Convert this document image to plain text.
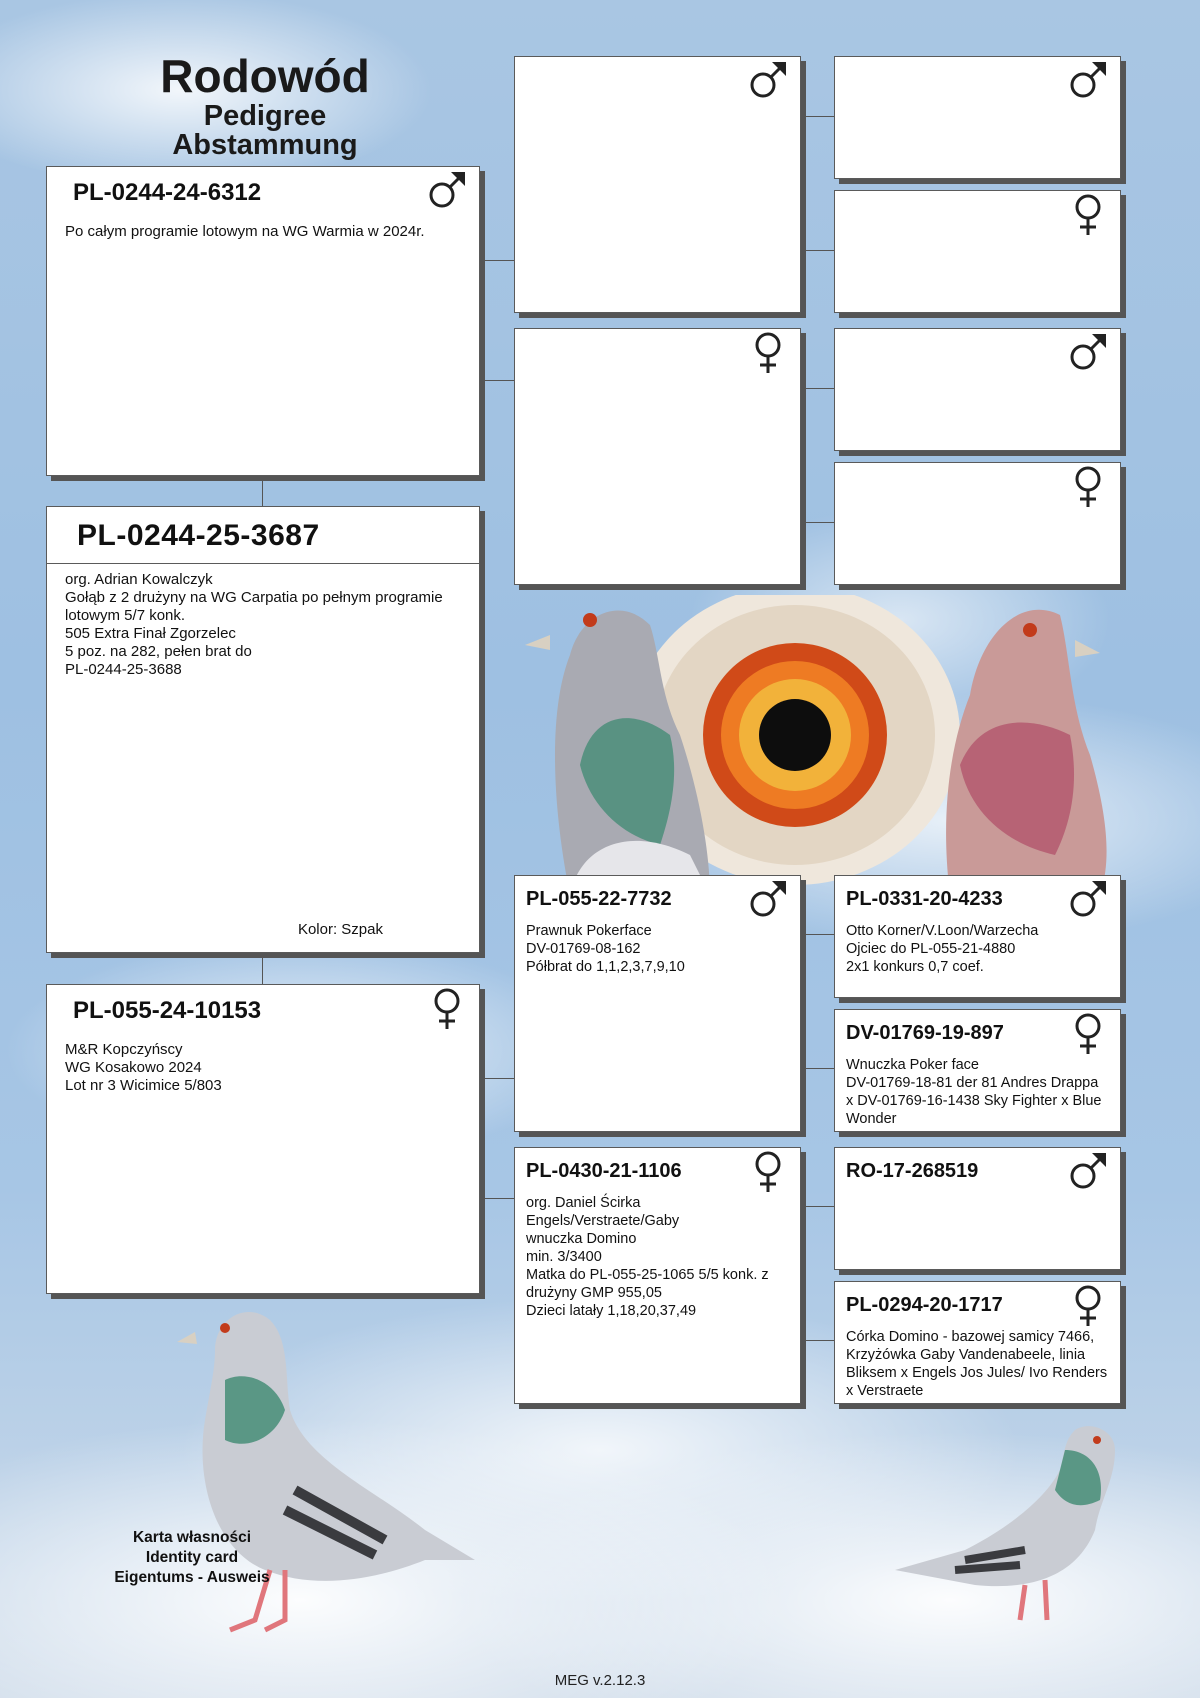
Rodowód
Pedigree
Abstammung
PL-0244-24-6312
Po całym programie lotowym na WG Warmia w 2024r.
PL-0244-25-3687
org. Adrian Kowalczyk
Gołąb z 2 drużyny na WG Carpatia po pełnym programie lotowym 5/7 konk.
505 Extra Finał Zgorzelec
5 poz. na 282, pełen brat do
PL-0244-25-3688
Kolor: Szpak
PL-055-24-10153
M&R Kopczyńscy
WG Kosakowo 2024
Lot nr 3 Wicimice 5/803
PL-055-22-7732
Prawnuk Pokerface
DV-01769-08-162
Półbrat do 1,1,2,3,7,9,10
PL-0430-21-1106
org. Daniel Ścirka
Engels/Verstraete/Gaby
wnuczka Domino
min. 3/3400
Matka do PL-055-25-1065 5/5 konk. z drużyny GMP 955,05
Dzieci latały 1,18,20,37,49
PL-0331-20-4233
Otto Korner/V.Loon/Warzecha
Ojciec do PL-055-21-4880
2x1 konkurs 0,7 coef.
DV-01769-19-897
Wnuczka Poker face
DV-01769-18-81 der 81 Andres Drappa x DV-01769-16-1438 Sky Fighter x Blue Wonder
RO-17-268519
PL-0294-20-1717
Córka Domino - bazowej samicy 7466, Krzyżówka Gaby Vandenabeele, linia Bliksem x Engels Jos Jules/ Ivo Renders x Verstraete
Karta własności
Identity card
Eigentums - Ausweis
MEG v.2.12.3
